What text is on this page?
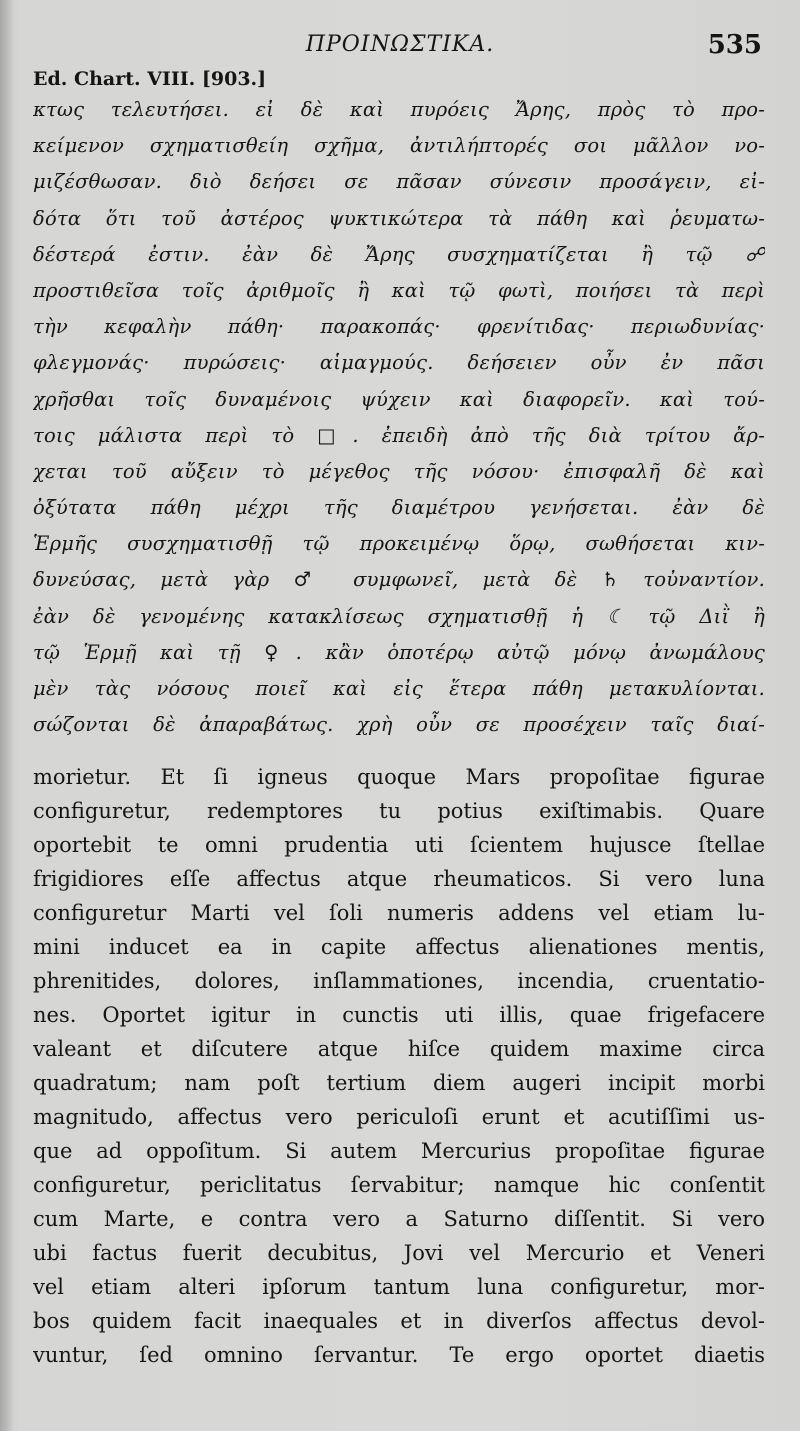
ΠΡΟΙΝΩΣΤΙΚΑ.	535
Ed. Chart. VIII. [903.]
κτως τελευτήσει. εἰ δὲ καὶ πυρόεις Ἄρης, πρὸς τὸ προ-
κείμενον σχηματισθείη σχῆμα, ἀντιλήπτορές σοι μᾶλλον νο-
μιζέσθωσαν. διὸ δεήσει σε πᾶσαν σύνεσιν προσάγειν, εἰ-
δότα ὅτι τοῦ ἀστέρος ψυκτικώτερα τὰ πάθη καὶ ῥευματω-
δέστερά ἐστιν. ἐὰν δὲ Ἄρης συσχηματίζεται ἢ τῷ ☍
προστιθεῖσα τοῖς ἀριθμοῖς ἢ καὶ τῷ φωτὶ, ποιήσει τὰ περὶ
τὴν κεφαλὴν πάθη· παρακοπάς· φρενίτιδας· περιωδυνίας·
φλεγμονάς· πυρώσεις· αἱμαγμούς. δεήσειεν οὖν ἐν πᾶσι
χρῆσθαι τοῖς δυναμένοις ψύχειν καὶ διαφορεῖν. καὶ τού-
τοις μάλιστα περὶ τὸ □. ἐπειδὴ ἀπὸ τῆς διὰ τρίτου ἄρ-
χεται τοῦ αὔξειν τὸ μέγεθος τῆς νόσου· ἐπισφαλῆ δὲ καὶ
ὀξύτατα πάθη μέχρι τῆς διαμέτρου γενήσεται. ἐὰν δὲ
Ἑρμῆς συσχηματισθῇ τῷ προκειμένῳ ὅρῳ, σωθήσεται κιν-
δυνεύσας, μετὰ γὰρ ♂ συμφωνεῖ, μετὰ δὲ ♄ τοὐναντίον.
ἐὰν δὲ γενομένης κατακλίσεως σχηματισθῇ ἡ ☾ τῷ Διῒ ἢ
τῷ Ἑρμῇ καὶ τῇ ♀. κἂν ὁποτέρῳ αὐτῷ μόνῳ ἀνωμάλους
μὲν τὰς νόσους ποιεῖ καὶ εἰς ἕτερα πάθη μετακυλίονται.
σώζονται δὲ ἀπαραβάτως. χρὴ οὖν σε προσέχειν ταῖς διαί-
morietur. Et ſi igneus quoque Mars propoſitae figurae
configuretur, redemptores tu potius exiſtimabis. Quare
oportebit te omni prudentia uti ſcientem hujusce ſtellae
frigidiores eſſe affectus atque rheumaticos. Si vero luna
configuretur Marti vel ſoli numeris addens vel etiam lu-
mini inducet ea in capite affectus alienationes mentis,
phrenitides, dolores, inſlammationes, incendia, cruentatio-
nes. Oportet igitur in cunctis uti illis, quae frigefacere
valeant et diſcutere atque hiſce quidem maxime circa
quadratum; nam poſt tertium diem augeri incipit morbi
magnitudo, affectus vero periculoſi erunt et acutiſſimi us-
que ad oppoſitum. Si autem Mercurius propoſitae figurae
configuretur, periclitatus ſervabitur; namque hic conſentit
cum Marte, e contra vero a Saturno diſſentit. Si vero
ubi factus fuerit decubitus, Jovi vel Mercurio et Veneri
vel etiam alteri ipſorum tantum luna configuretur, mor-
bos quidem facit inaequales et in diverſos affectus devol-
vuntur, ſed omnino ſervantur. Te ergo oportet diaetis
